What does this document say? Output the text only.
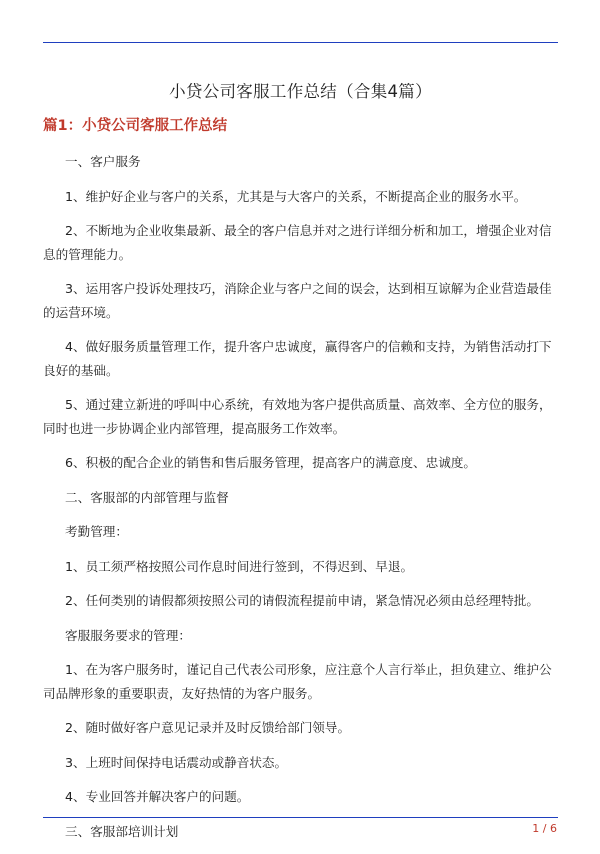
小贷公司客服工作总结（合集4篇）
篇1：小贷公司客服工作总结

一、客户服务

1、维护好企业与客户的关系，尤其是与大客户的关系，不断提高企业的服务水平。

2、不断地为企业收集最新、最全的客户信息并对之进行详细分析和加工，增强企业对信息的管理能力。

3、运用客户投诉处理技巧，消除企业与客户之间的误会，达到相互谅解为企业营造最佳的运营环境。

4、做好服务质量管理工作，提升客户忠诚度，赢得客户的信赖和支持，为销售活动打下良好的基础。

5、通过建立新进的呼叫中心系统，有效地为客户提供高质量、高效率、全方位的服务，同时也进一步协调企业内部管理，提高服务工作效率。

6、积极的配合企业的销售和售后服务管理，提高客户的满意度、忠诚度。

二、客服部的内部管理与监督

考勤管理：

1、员工须严格按照公司作息时间进行签到，不得迟到、早退。

2、任何类别的请假都须按照公司的请假流程提前申请，紧急情况必须由总经理特批。

客服服务要求的管理：

1、在为客户服务时，谨记自己代表公司形象，应注意个人言行举止，担负建立、维护公司品牌形象的重要职责，友好热情的为客户服务。

2、随时做好客户意见记录并及时反馈给部门领导。

3、上班时间保持电话震动或静音状态。

4、专业回答并解决客户的问题。

三、客服部培训计划	1 / 6
